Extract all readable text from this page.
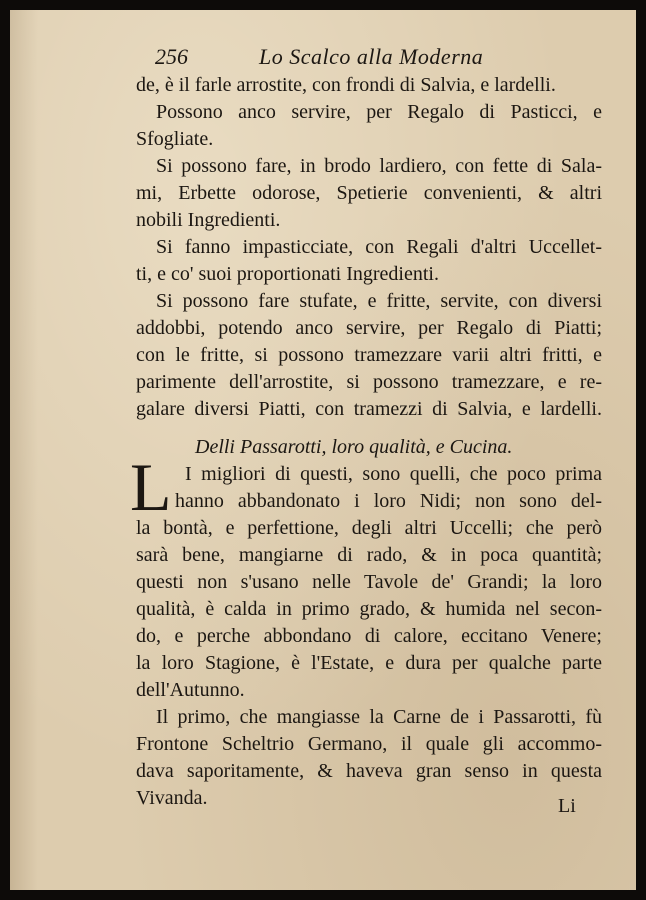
256	Lo Scalco alla Moderna
de, è il farle arrostite, con frondi di Salvia, e lardelli.
Possono anco servire, per Regalo di Pasticci, e
Sfogliate.
Si possono fare, in brodo lardiero, con fette di Sala-
mi, Erbette odorose, Spetierie convenienti, & altri
nobili Ingredienti.
Si fanno impasticciate, con Regali d'altri Uccellet-
ti, e co' suoi proportionati Ingredienti.
Si possono fare stufate, e fritte, servite, con diversi
addobbi, potendo anco servire, per Regalo di Piatti;
con le fritte, si possono tramezzare varii altri fritti, e
parimente dell'arrostite, si possono tramezzare, e re-
galare diversi Piatti, con tramezzi di Salvia, e lardelli.
Delli Passarotti, loro qualità, e Cucina.
L I migliori di questi, sono quelli, che poco prima
hanno abbandonato i loro Nidi; non sono del-
la bontà, e perfettione, degli altri Uccelli; che però
sarà bene, mangiarne di rado, & in poca quantità;
questi non s'usano nelle Tavole de' Grandi; la loro
qualità, è calda in primo grado, & humida nel secon-
do, e perche abbondano di calore, eccitano Venere;
la loro Stagione, è l'Estate, e dura per qualche parte
dell'Autunno.
Il primo, che mangiasse la Carne de i Passarotti, fù
Frontone Scheltrio Germano, il quale gli accommo-
dava saporitamente, & haveva gran senso in questa
Vivanda.	Li
